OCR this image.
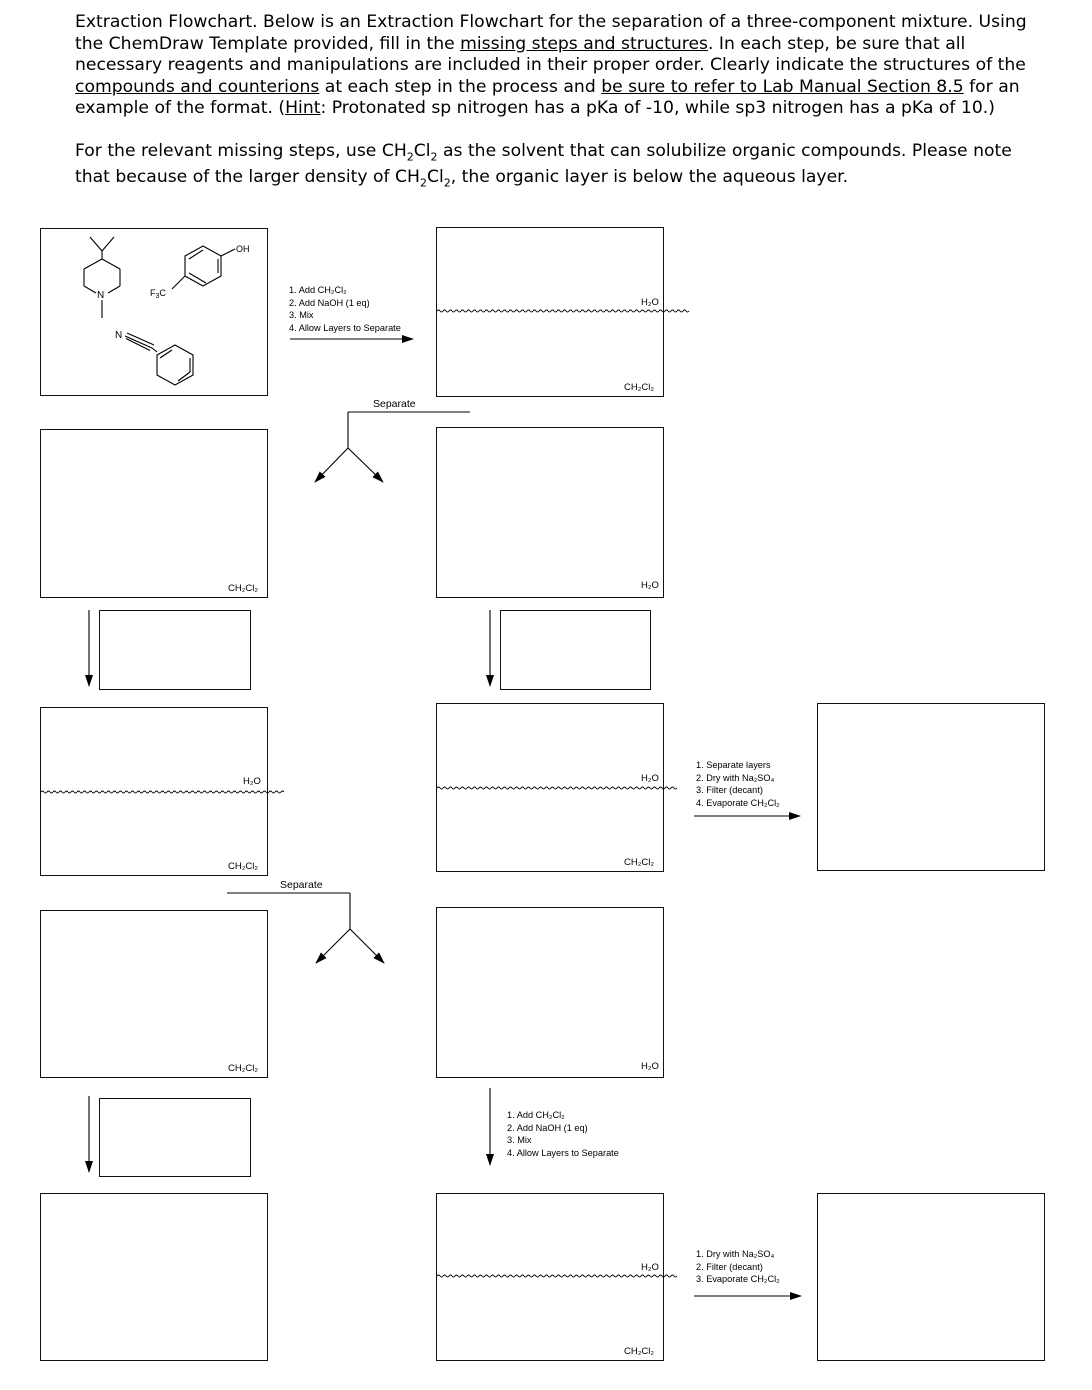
Extraction Flowchart. Below is an Extraction Flowchart for the separation of a three-component mixture. Using the ChemDraw Template provided, fill in the missing steps and structures. In each step, be sure that all necessary reagents and manipulations are included in their proper order. Clearly indicate the structures of the compounds and counterions at each step in the process and be sure to refer to Lab Manual Section 8.5 for an example of the format. (Hint: Protonated sp nitrogen has a pKa of -10, while sp3 nitrogen has a pKa of 10.)

For the relevant missing steps, use $CH_2Cl_2$ as the solvent that can solubilize organic compounds. Please note that because of the larger density of $CH_2Cl_2$, the organic layer is below the aqueous layer.

N
OH
$F_3C$
N
1. Add CH₂Cl₂
2. Add NaOH (1 eq)
3. Mix
4. Allow Layers to Separate
1. Add CH₂Cl₂
2. Add NaOH (1 eq)
3. Mix
4. Allow Layers to Separate
1. Separate layers
2. Dry with Na₂SO₄
3. Filter (decant)
4. Evaporate CH₂Cl₂
1. Dry with Na₂SO₄
2. Filter (decant)
3. Evaporate CH₂Cl₂
Separate
Separate
H₂O
CH₂Cl₂
CH₂Cl₂	H₂O
H₂O
CH₂Cl₂
H₂O
CH₂Cl₂
CH₂Cl₂	H₂O
H₂O
CH₂Cl₂
